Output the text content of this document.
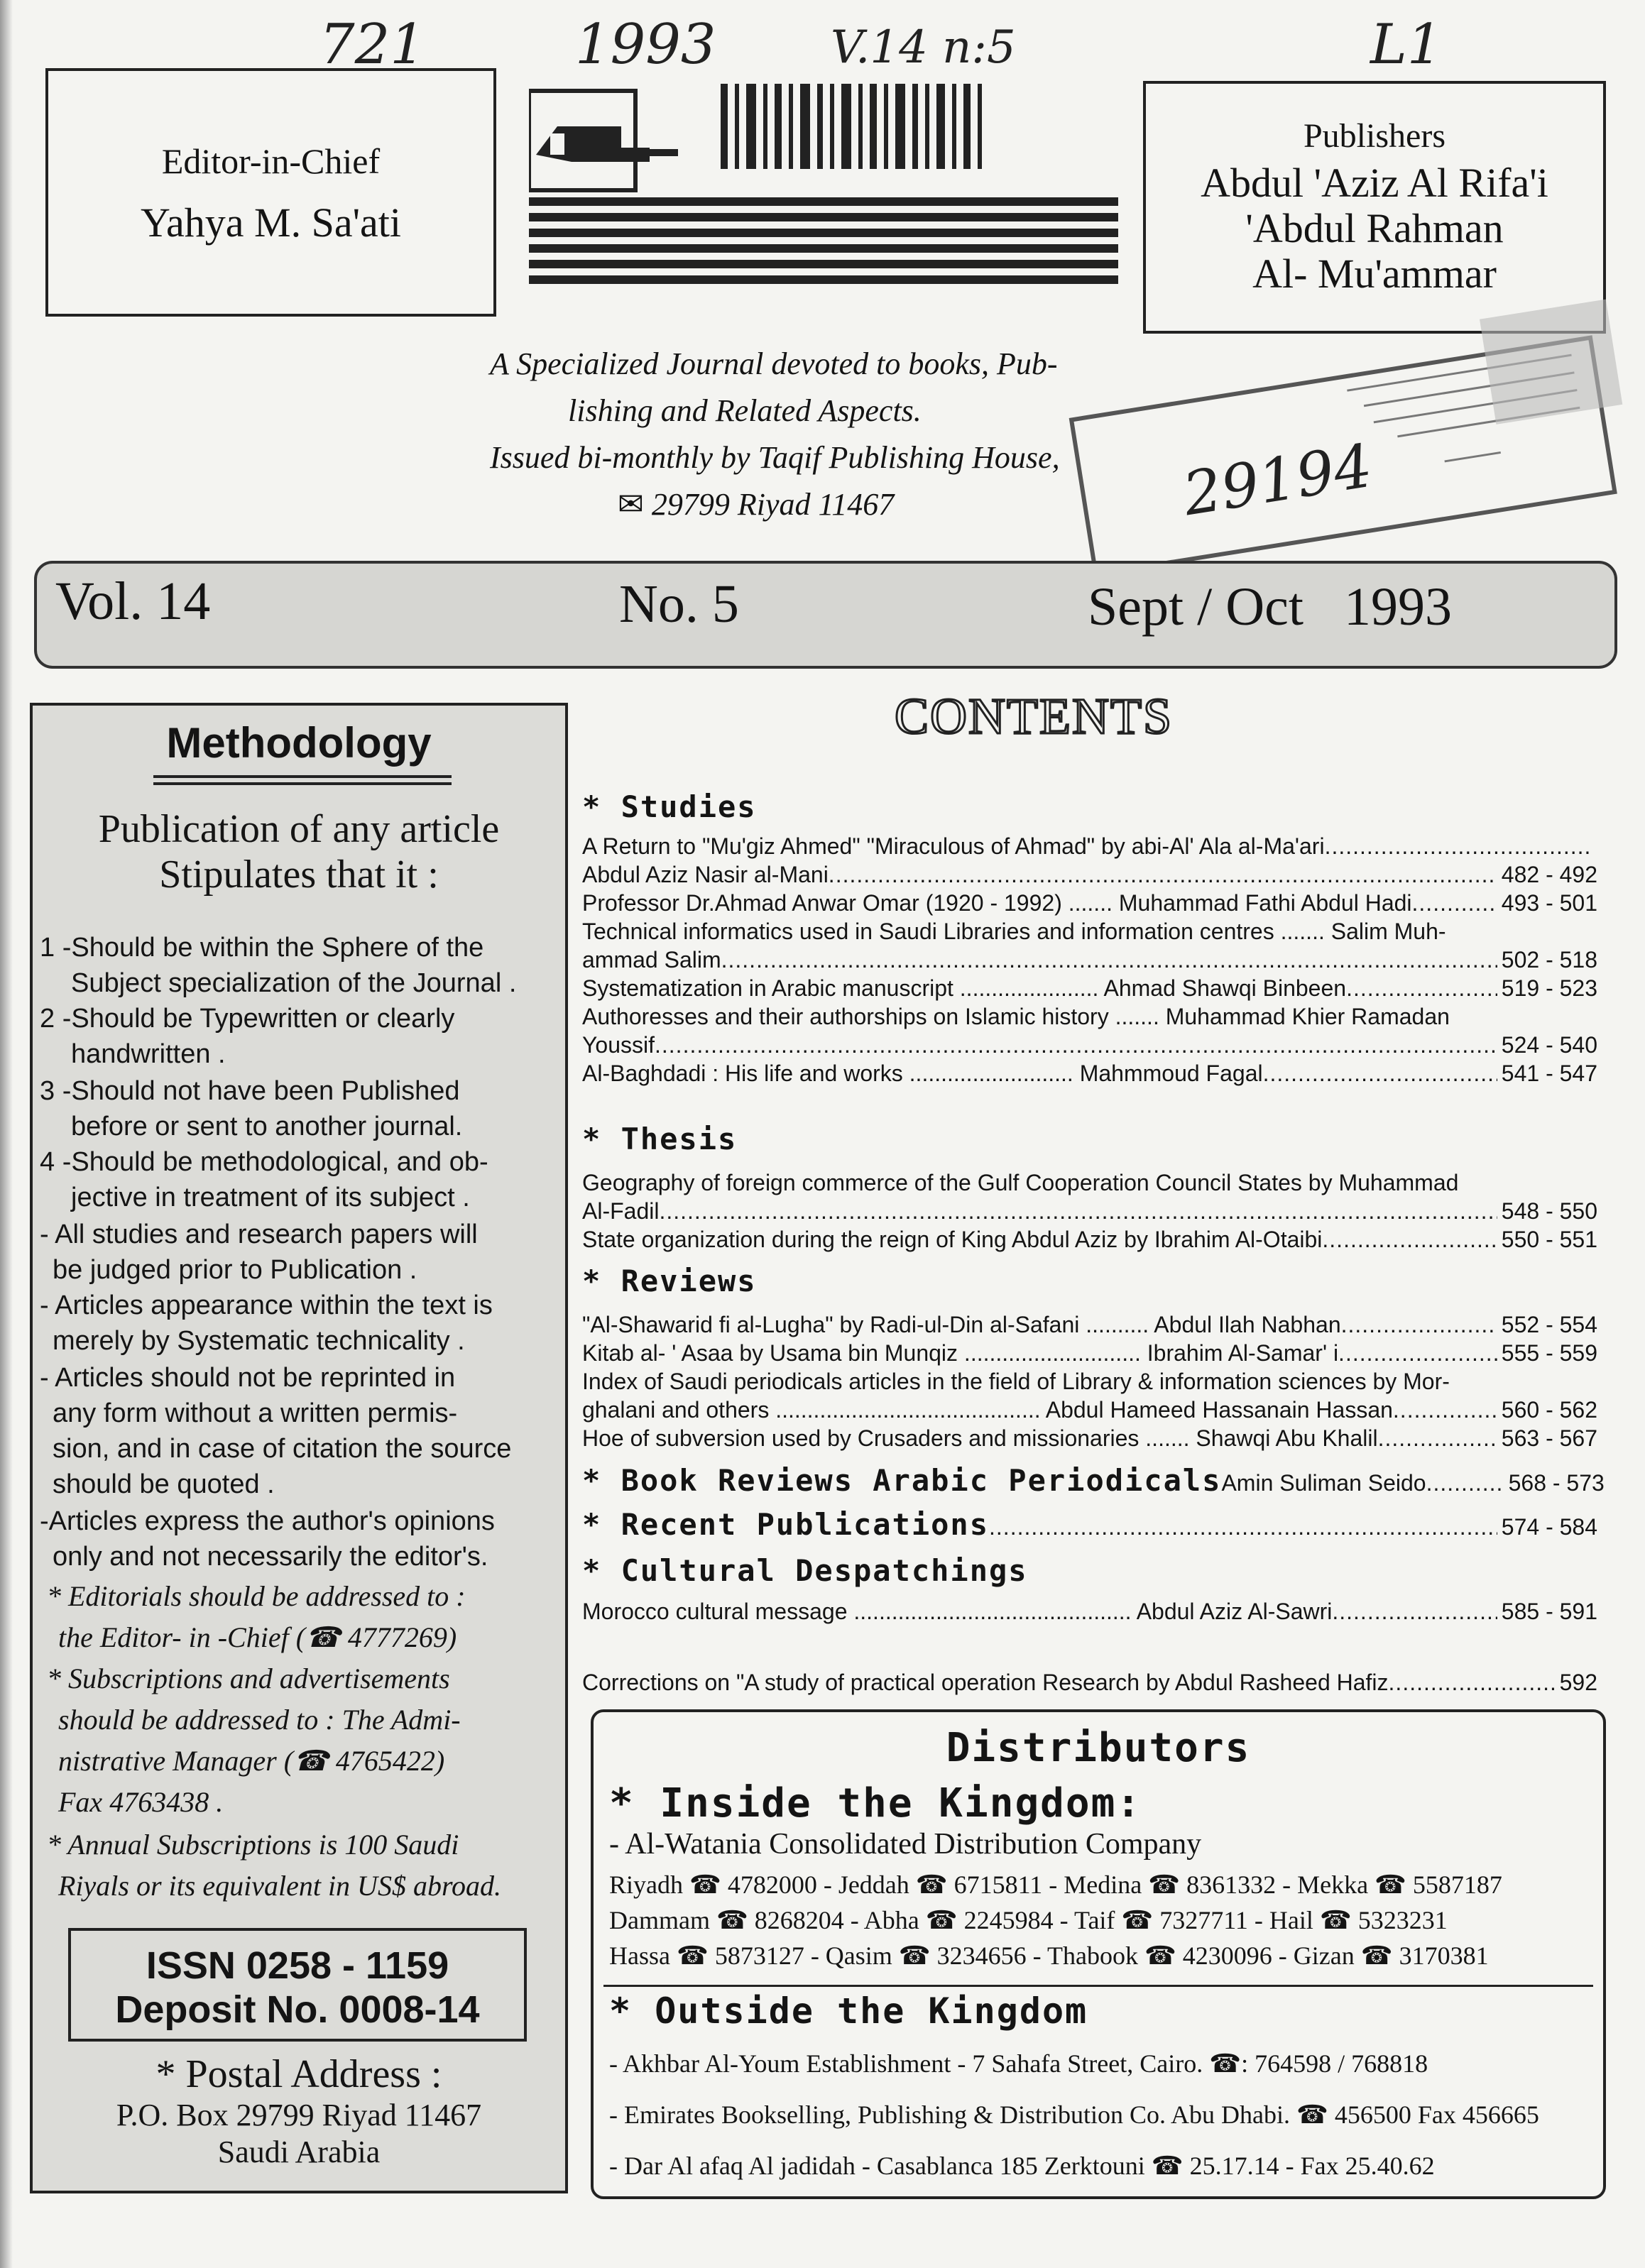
721	1993	V.14 n:5	L1
Editor-in-Chief
Yahya M. Sa'ati
Publishers
Abdul 'Aziz Al Rifa'i
'Abdul Rahman
Al- Mu'ammar
A Specialized Journal devoted to books, Pub-
lishing and Related Aspects.
Issued bi-monthly by Taqif Publishing House,
✉ 29799 Riyad 11467	29194
Vol. 14	No. 5	Sept / Oct   1993
Methodology
Publication of any article
Stipulates that it :
1 -Should be within the Sphere of the
Subject specialization of the Journal .
2 -Should be Typewritten or clearly
handwritten .
3 -Should not have been Published
before or sent to another journal.
4 -Should be methodological, and ob-
jective in treatment of its subject .
- All studies and research papers will
be judged prior to Publication .
- Articles appearance within the text is
merely by Systematic technicality .
- Articles should not be reprinted in
any form without a written permis-
sion, and in case of citation the source
should be quoted .
-Articles express the author's opinions
only and not necessarily the editor's.
* Editorials should be addressed to :
the Editor- in -Chief (☎ 4777269)
* Subscriptions and advertisements
should be addressed to : The Admi-
nistrative Manager (☎ 4765422)
Fax 4763438 .
* Annual Subscriptions is 100 Saudi
Riyals or its equivalent in US$ abroad.
ISSN 0258 - 1159
Deposit No. 0008-14
* Postal Address :
P.O. Box 29799 Riyad 11467
Saudi Arabia
CONTENTS
* Studies
A Return to "Mu'giz Ahmed" "Miraculous of Ahmad" by abi-Al' Ala al-Ma'ari
.....
Abdul Aziz Nasir al-Mani .....	482 - 492
Professor Dr.Ahmad Anwar Omar (1920 - 1992) ....... Muhammad Fathi Abdul Hadi .....	493 - 501
Technical informatics used in Saudi Libraries and information centres ....... Salim Muh-
ammad Salim .....	502 - 518
Systematization in Arabic manuscript ...................... Ahmad Shawqi Binbeen .....	519 - 523
Authoresses and their authorships on Islamic history ....... Muhammad Khier Ramadan
Youssif .....	524 - 540
Al-Baghdadi : His life and works .......................... Mahmmoud Fagal .....	541 - 547
* Thesis
Geography of foreign commerce of the Gulf Cooperation Council States by Muhammad
Al-Fadil .....	548 - 550
State organization during the reign of King Abdul Aziz by Ibrahim Al-Otaibi .....	550 - 551
* Reviews
"Al-Shawarid fi al-Lugha" by Radi-ul-Din al-Safani .......... Abdul Ilah Nabhan .....	552 - 554
Kitab al- ' Asaa by Usama bin Munqiz ............................ Ibrahim Al-Samar' i .....	555 - 559
Index of Saudi periodicals articles in the field of Library & information sciences by Mor-
ghalani and others .......................................... Abdul Hameed Hassanain Hassan .....	560 - 562
Hoe of subversion used by Crusaders and missionaries ....... Shawqi Abu Khalil .....	563 - 567
* Book Reviews Arabic Periodicals Amin Suliman Seido .....	568 - 573
* Recent Publications .....	574 - 584
* Cultural Despatchings
Morocco cultural message ............................................ Abdul Aziz Al-Sawri .....	585 - 591
Corrections on "A study of practical operation Research by Abdul Rasheed Hafiz .....	592
Distributors
* Inside the Kingdom:
- Al-Watania Consolidated Distribution Company
Riyadh ☎ 4782000 - Jeddah ☎ 6715811 - Medina ☎ 8361332 - Mekka ☎ 5587187
Dammam ☎ 8268204 - Abha ☎ 2245984 - Taif ☎ 7327711 - Hail ☎ 5323231
Hassa ☎ 5873127 - Qasim ☎ 3234656 - Thabook ☎ 4230096 - Gizan ☎ 3170381
* Outside the Kingdom
- Akhbar Al-Youm Establishment - 7 Sahafa Street, Cairo. ☎: 764598 / 768818
- Emirates Bookselling, Publishing & Distribution Co. Abu Dhabi. ☎ 456500 Fax 456665
- Dar Al afaq Al jadidah - Casablanca 185 Zerktouni ☎ 25.17.14 - Fax 25.40.62
